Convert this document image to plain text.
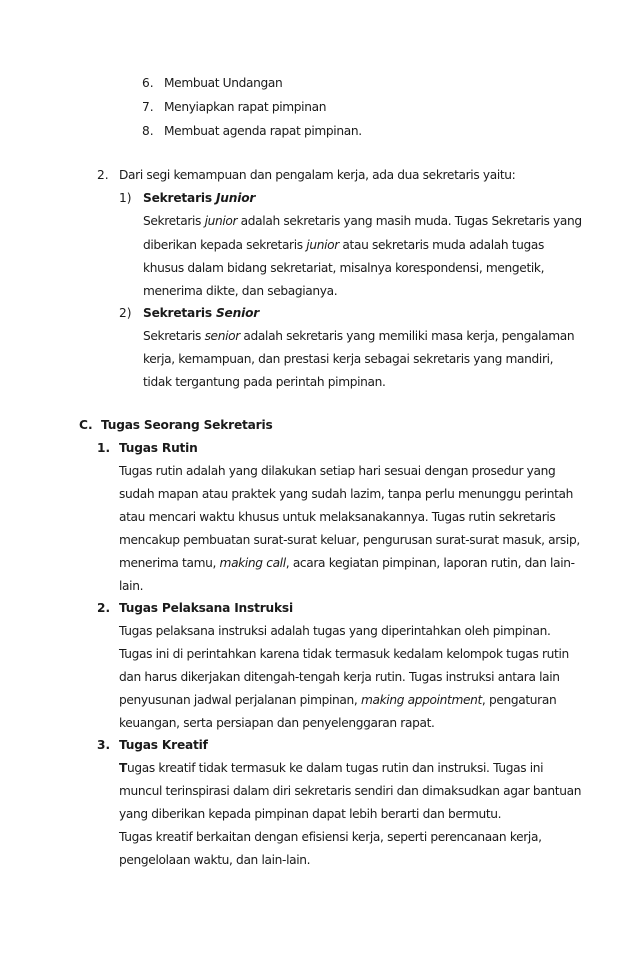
6. Membuat Undangan
7. Menyiapkan rapat pimpinan
8. Membuat agenda rapat pimpinan.
2. Dari segi kemampuan dan pengalam kerja, ada dua sekretaris yaitu:
1) Sekretaris Junior
Sekretaris junior adalah sekretaris yang masih muda. Tugas Sekretaris yang
diberikan kepada sekretaris junior atau sekretaris muda adalah tugas
khusus dalam bidang sekretariat, misalnya korespondensi, mengetik,
menerima dikte, dan sebagianya.
2) Sekretaris Senior
Sekretaris senior adalah sekretaris yang memiliki masa kerja, pengalaman
kerja, kemampuan, dan prestasi kerja sebagai sekretaris yang mandiri,
tidak tergantung pada perintah pimpinan.
C. Tugas Seorang Sekretaris
1. Tugas Rutin
Tugas rutin adalah yang dilakukan setiap hari sesuai dengan prosedur yang
sudah mapan atau praktek yang sudah lazim, tanpa perlu menunggu perintah
atau mencari waktu khusus untuk melaksanakannya. Tugas rutin sekretaris
mencakup pembuatan surat-surat keluar, pengurusan surat-surat masuk, arsip,
menerima tamu, making call, acara kegiatan pimpinan, laporan rutin, dan lain-
lain.
2. Tugas Pelaksana Instruksi
Tugas pelaksana instruksi adalah tugas yang diperintahkan oleh pimpinan.
Tugas ini di perintahkan karena tidak termasuk kedalam kelompok tugas rutin
dan harus dikerjakan ditengah-tengah kerja rutin. Tugas instruksi antara lain
penyusunan jadwal perjalanan pimpinan, making appointment, pengaturan
keuangan, serta persiapan dan penyelenggaran rapat.
3. Tugas Kreatif
Tugas kreatif tidak termasuk ke dalam tugas rutin dan instruksi. Tugas ini
muncul terinspirasi dalam diri sekretaris sendiri dan dimaksudkan agar bantuan
yang diberikan kepada pimpinan dapat lebih berarti dan bermutu.
Tugas kreatif berkaitan dengan efisiensi kerja, seperti perencanaan kerja,
pengelolaan waktu, dan lain-lain.
